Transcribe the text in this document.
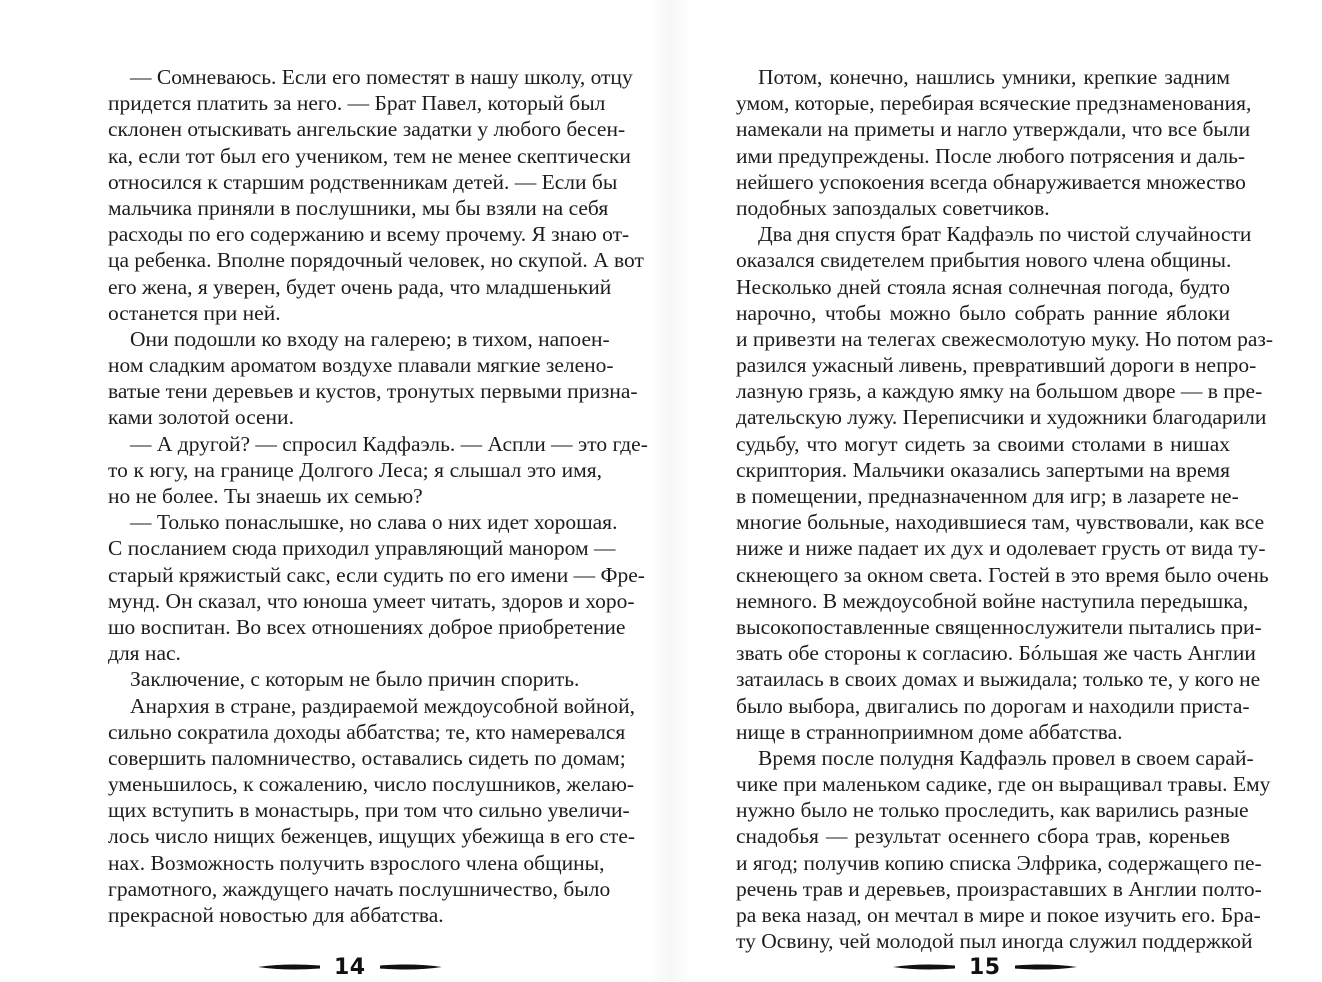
— Сомневаюсь. Если его поместят в нашу школу, отцу
придется платить за него. — Брат Павел, который был
склонен отыскивать ангельские задатки у любого бесен-
ка, если тот был его учеником, тем не менее скептически
относился к старшим родственникам детей. — Если бы
мальчика приняли в послушники, мы бы взяли на себя
расходы по его содержанию и всему прочему. Я знаю от-
ца ребенка. Вполне порядочный человек, но скупой. А вот
его жена, я уверен, будет очень рада, что младшенький
останется при ней.
Они подошли ко входу на галерею; в тихом, напоен-
ном сладким ароматом воздухе плавали мягкие зелено-
ватые тени деревьев и кустов, тронутых первыми призна-
ками золотой осени.
— А другой? — спросил Кадфаэль. — Аспли — это где-
то к югу, на границе Долгого Леса; я слышал это имя,
но не более. Ты знаешь их семью?
— Только понаслышке, но слава о них идет хорошая.
С посланием сюда приходил управляющий манором —
старый кряжистый сакс, если судить по его имени — Фре-
мунд. Он сказал, что юноша умеет читать, здоров и хоро-
шо воспитан. Во всех отношениях доброе приобретение
для нас.
Заключение, с которым не было причин спорить.
Анархия в стране, раздираемой междоусобной войной,
сильно сократила доходы аббатства; те, кто намеревался
совершить паломничество, оставались сидеть по домам;
уменьшилось, к сожалению, число послушников, желаю-
щих вступить в монастырь, при том что сильно увеличи-
лось число нищих беженцев, ищущих убежища в его сте-
нах. Возможность получить взрослого члена общины,
грамотного, жаждущего начать послушничество, было
прекрасной новостью для аббатства.
Потом, конечно, нашлись умники, крепкие задним
умом, которые, перебирая всяческие предзнаменования,
намекали на приметы и нагло утверждали, что все были
ими предупреждены. После любого потрясения и даль-
нейшего успокоения всегда обнаруживается множество
подобных запоздалых советчиков.
Два дня спустя брат Кадфаэль по чистой случайности
оказался свидетелем прибытия нового члена общины.
Несколько дней стояла ясная солнечная погода, будто
нарочно, чтобы можно было собрать ранние яблоки
и привезти на телегах свежесмолотую муку. Но потом раз-
разился ужасный ливень, превративший дороги в непро-
лазную грязь, а каждую ямку на большом дворе — в пре-
дательскую лужу. Переписчики и художники благодарили
судьбу, что могут сидеть за своими столами в нишах
скриптория. Мальчики оказались запертыми на время
в помещении, предназначенном для игр; в лазарете не-
многие больные, находившиеся там, чувствовали, как все
ниже и ниже падает их дух и одолевает грусть от вида ту-
скнеющего за окном света. Гостей в это время было очень
немного. В междоусобной войне наступила передышка,
высокопоставленные священнослужители пытались при-
звать обе стороны к согласию. Бóльшая же часть Англии
затаилась в своих домах и выжидала; только те, у кого не
было выбора, двигались по дорогам и находили приста-
нище в странноприимном доме аббатства.
Время после полудня Кадфаэль провел в своем сарай-
чике при маленьком садике, где он выращивал травы. Ему
нужно было не только проследить, как варились разные
снадобья — результат осеннего сбора трав, кореньев
и ягод; получив копию списка Элфрика, содержащего пе-
речень трав и деревьев, произраставших в Англии полто-
ра века назад, он мечтал в мире и покое изучить его. Бра-
ту Освину, чей молодой пыл иногда служил поддержкой
14	15
